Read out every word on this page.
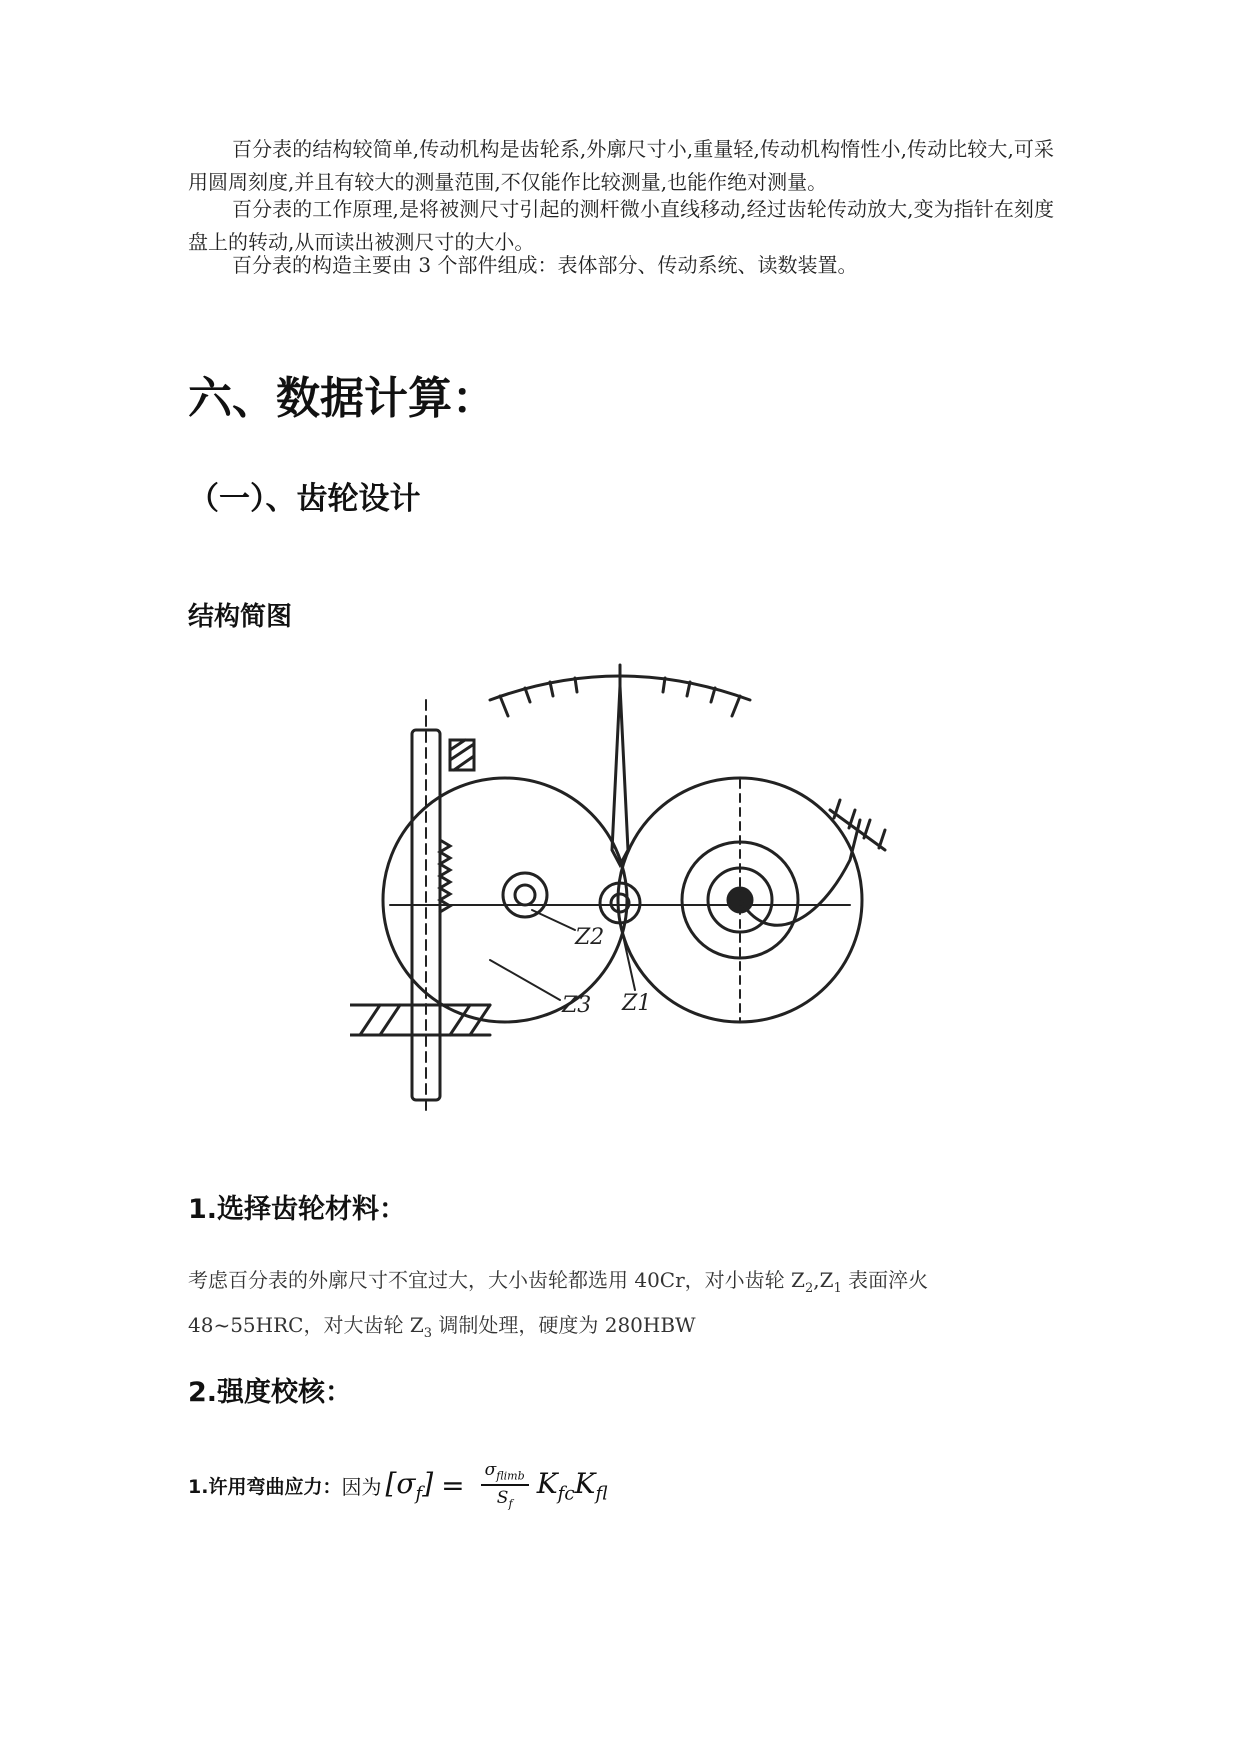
百分表的结构较简单,传动机构是齿轮系,外廓尺寸小,重量轻,传动机构惰性小,传动比较大,可采用圆周刻度,并且有较大的测量范围,不仅能作比较测量,也能作绝对测量。

百分表的工作原理,是将被测尺寸引起的测杆微小直线移动,经过齿轮传动放大,变为指针在刻度盘上的转动,从而读出被测尺寸的大小。

百分表的构造主要由 3 个部件组成：表体部分、传动系统、读数装置。

六、数据计算：
（一）、齿轮设计
结构简图
Z2
Z3 Z1
1.选择齿轮材料：
考虑百分表的外廓尺寸不宜过大，大小齿轮都选用 40Cr，对小齿轮 $Z_2,Z_1$ 表面淬火
48~55HRC，对大齿轮 $Z_3$ 调制处理，硬度为 280HBW
2.强度校核：
1.许用弯曲应力： 因为 $[\sigma_f] = \frac{\sigma_{flimb}}{S_f} K_{fc}K_{fl}$
